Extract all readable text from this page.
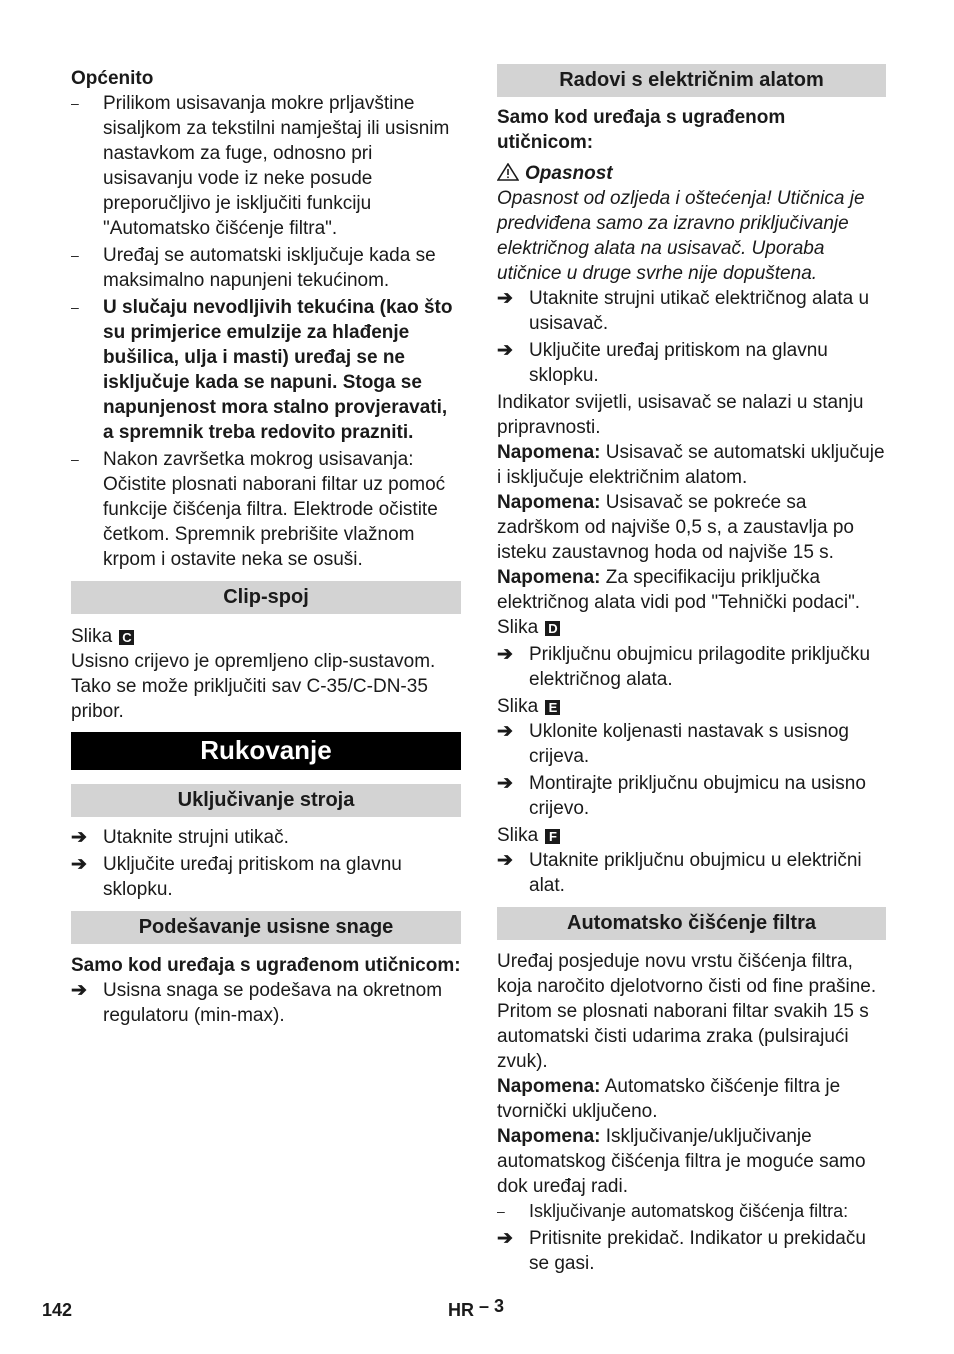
Općenito

–	Prilikom usisavanja mokre prljavštine sisaljkom za tekstilni namještaj ili usisnim nastavkom za fuge, odnosno pri usisavanju vode iz neke posude preporučljivo je isključiti funkciju "Automatsko čišćenje filtra".
–	Uređaj se automatski isključuje kada se maksimalno napunjeni tekućinom.
–	U slučaju nevodljivih tekućina (kao što su primjerice emulzije za hlađenje bušilica, ulja i masti) uređaj se ne isključuje kada se napuni. Stoga se napunjenost mora stalno provjeravati, a spremnik treba redovito prazniti.
–	Nakon završetka mokrog usisavanja: Očistite plosnati naborani filtar uz pomoć funkcije čišćenja filtra. Elektrode očistite četkom. Spremnik prebrišite vlažnom krpom i ostavite neka se osuši.
Clip-spoj

Slika C

Usisno crijevo je opremljeno clip-sustavom. Tako se može priključiti sav C-35/C-DN-35 pribor.

Rukovanje
Uključivanje stroja
➔ Utaknite strujni utikač.
➔ Uključite uređaj pritiskom na glavnu sklopku.
Podešavanje usisne snage

Samo kod uređaja s ugrađenom utičnicom:

➔ Usisna snaga se podešava na okretnom regulatoru (min-max).
Radovi s električnim alatom

Samo kod uređaja s ugrađenom utičnicom:

Opasnost

Opasnost od ozljeda i oštećenja! Utičnica je predviđena samo za izravno priključivanje električnog alata na usisavač. Uporaba utičnice u druge svrhe nije dopuštena.

➔ Utaknite strujni utikač električnog alata u usisavač.
➔ Uključite uređaj pritiskom na glavnu sklopku.

Indikator svijetli, usisavač se nalazi u stanju pripravnosti.

Napomena: Usisavač se automatski uključuje i isključuje električnim alatom.

Napomena: Usisavač se pokreće sa zadrškom od najviše 0,5 s, a zaustavlja po isteku zaustavnog hoda od najviše 15 s.

Napomena: Za specifikaciju priključka električnog alata vidi pod "Tehnički podaci".

Slika D

➔ Priključnu obujmicu prilagodite priključku električnog alata.

Slika E

➔ Uklonite koljenasti nastavak s usisnog crijeva.
➔ Montirajte priključnu obujmicu na usisno crijevo.

Slika F

➔ Utaknite priključnu obujmicu u električni alat.
Automatsko čišćenje filtra

Uređaj posjeduje novu vrstu čišćenja filtra, koja naročito djelotvorno čisti od fine prašine. Pritom se plosnati naborani filtar svakih 15 s automatski čisti udarima zraka (pulsirajući zvuk).

Napomena: Automatsko čišćenje filtra je tvornički uključeno.

Napomena: Isključivanje/uključivanje automatskog čišćenja filtra je moguće samo dok uređaj radi.

– Isključivanje automatskog čišćenja filtra:
➔ Pritisnite prekidač. Indikator u prekidaču se gasi.
142	HR – 3
